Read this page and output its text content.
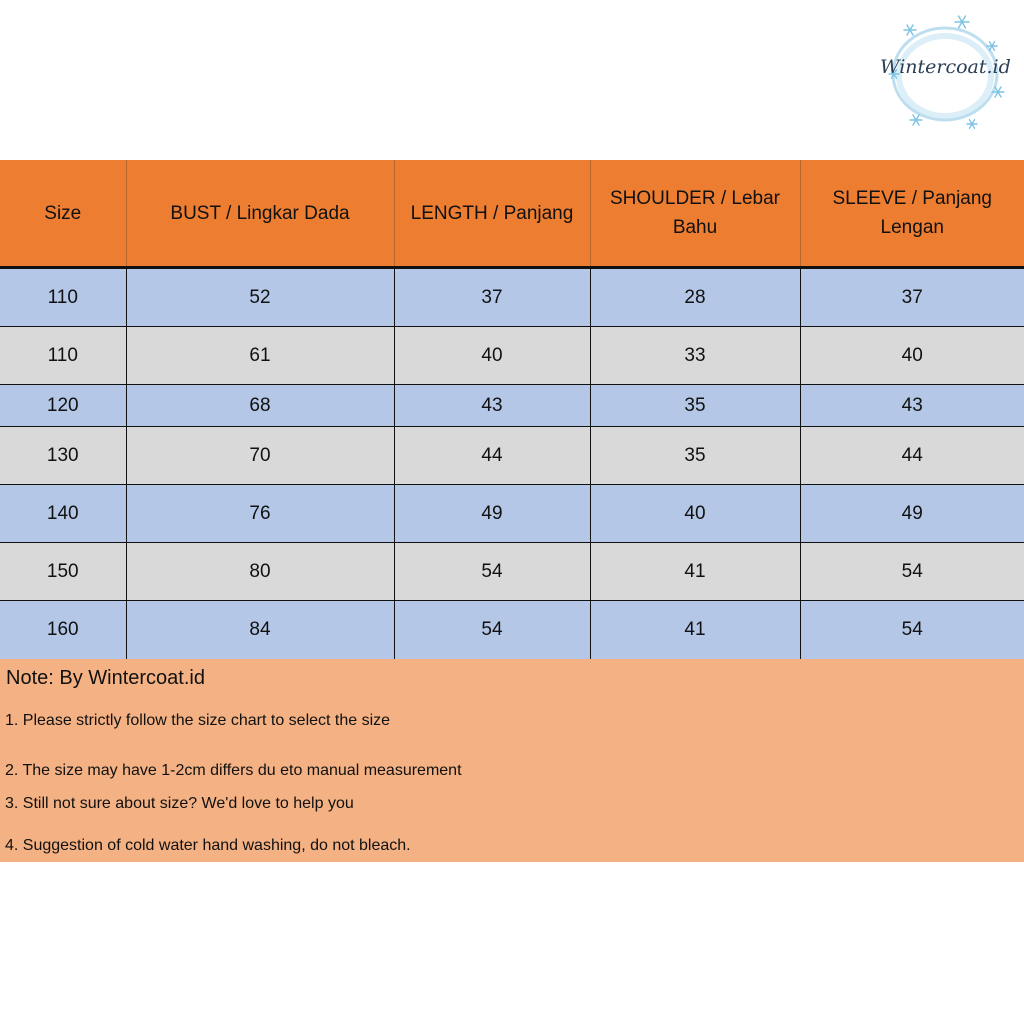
Wintercoat.id
Size	BUST / Lingkar Dada	LENGTH / Panjang	SHOULDER / Lebar Bahu	SLEEVE / Panjang Lengan
110	52	37	28	37
110	61	40	33	40
120	68	43	35	43
130	70	44	35	44
140	76	49	40	49
150	80	54	41	54
160	84	54	41	54
Note: By Wintercoat.id
1. Please strictly follow the size chart to select the size
2. The size may have 1-2cm differs du eto manual measurement
3. Still not sure about size? We'd love to help you
4. Suggestion of cold water hand washing, do not bleach.
